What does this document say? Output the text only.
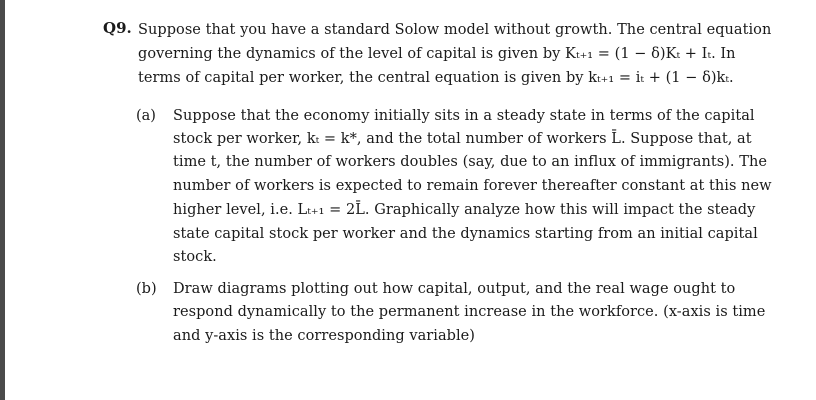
Q9. Suppose that you have a standard Solow model without growth. The central equation
governing the dynamics of the level of capital is given by Kₜ₊₁ = (1 − δ)Kₜ + Iₜ. In
terms of capital per worker, the central equation is given by kₜ₊₁ = iₜ + (1 − δ)kₜ.
(a) Suppose that the economy initially sits in a steady state in terms of the capital
stock per worker, kₜ = k*, and the total number of workers L̄. Suppose that, at
time t, the number of workers doubles (say, due to an influx of immigrants). The
number of workers is expected to remain forever thereafter constant at this new
higher level, i.e. Lₜ₊₁ = 2L̄. Graphically analyze how this will impact the steady
state capital stock per worker and the dynamics starting from an initial capital
stock.
(b) Draw diagrams plotting out how capital, output, and the real wage ought to
respond dynamically to the permanent increase in the workforce. (x-axis is time
and y-axis is the corresponding variable)
